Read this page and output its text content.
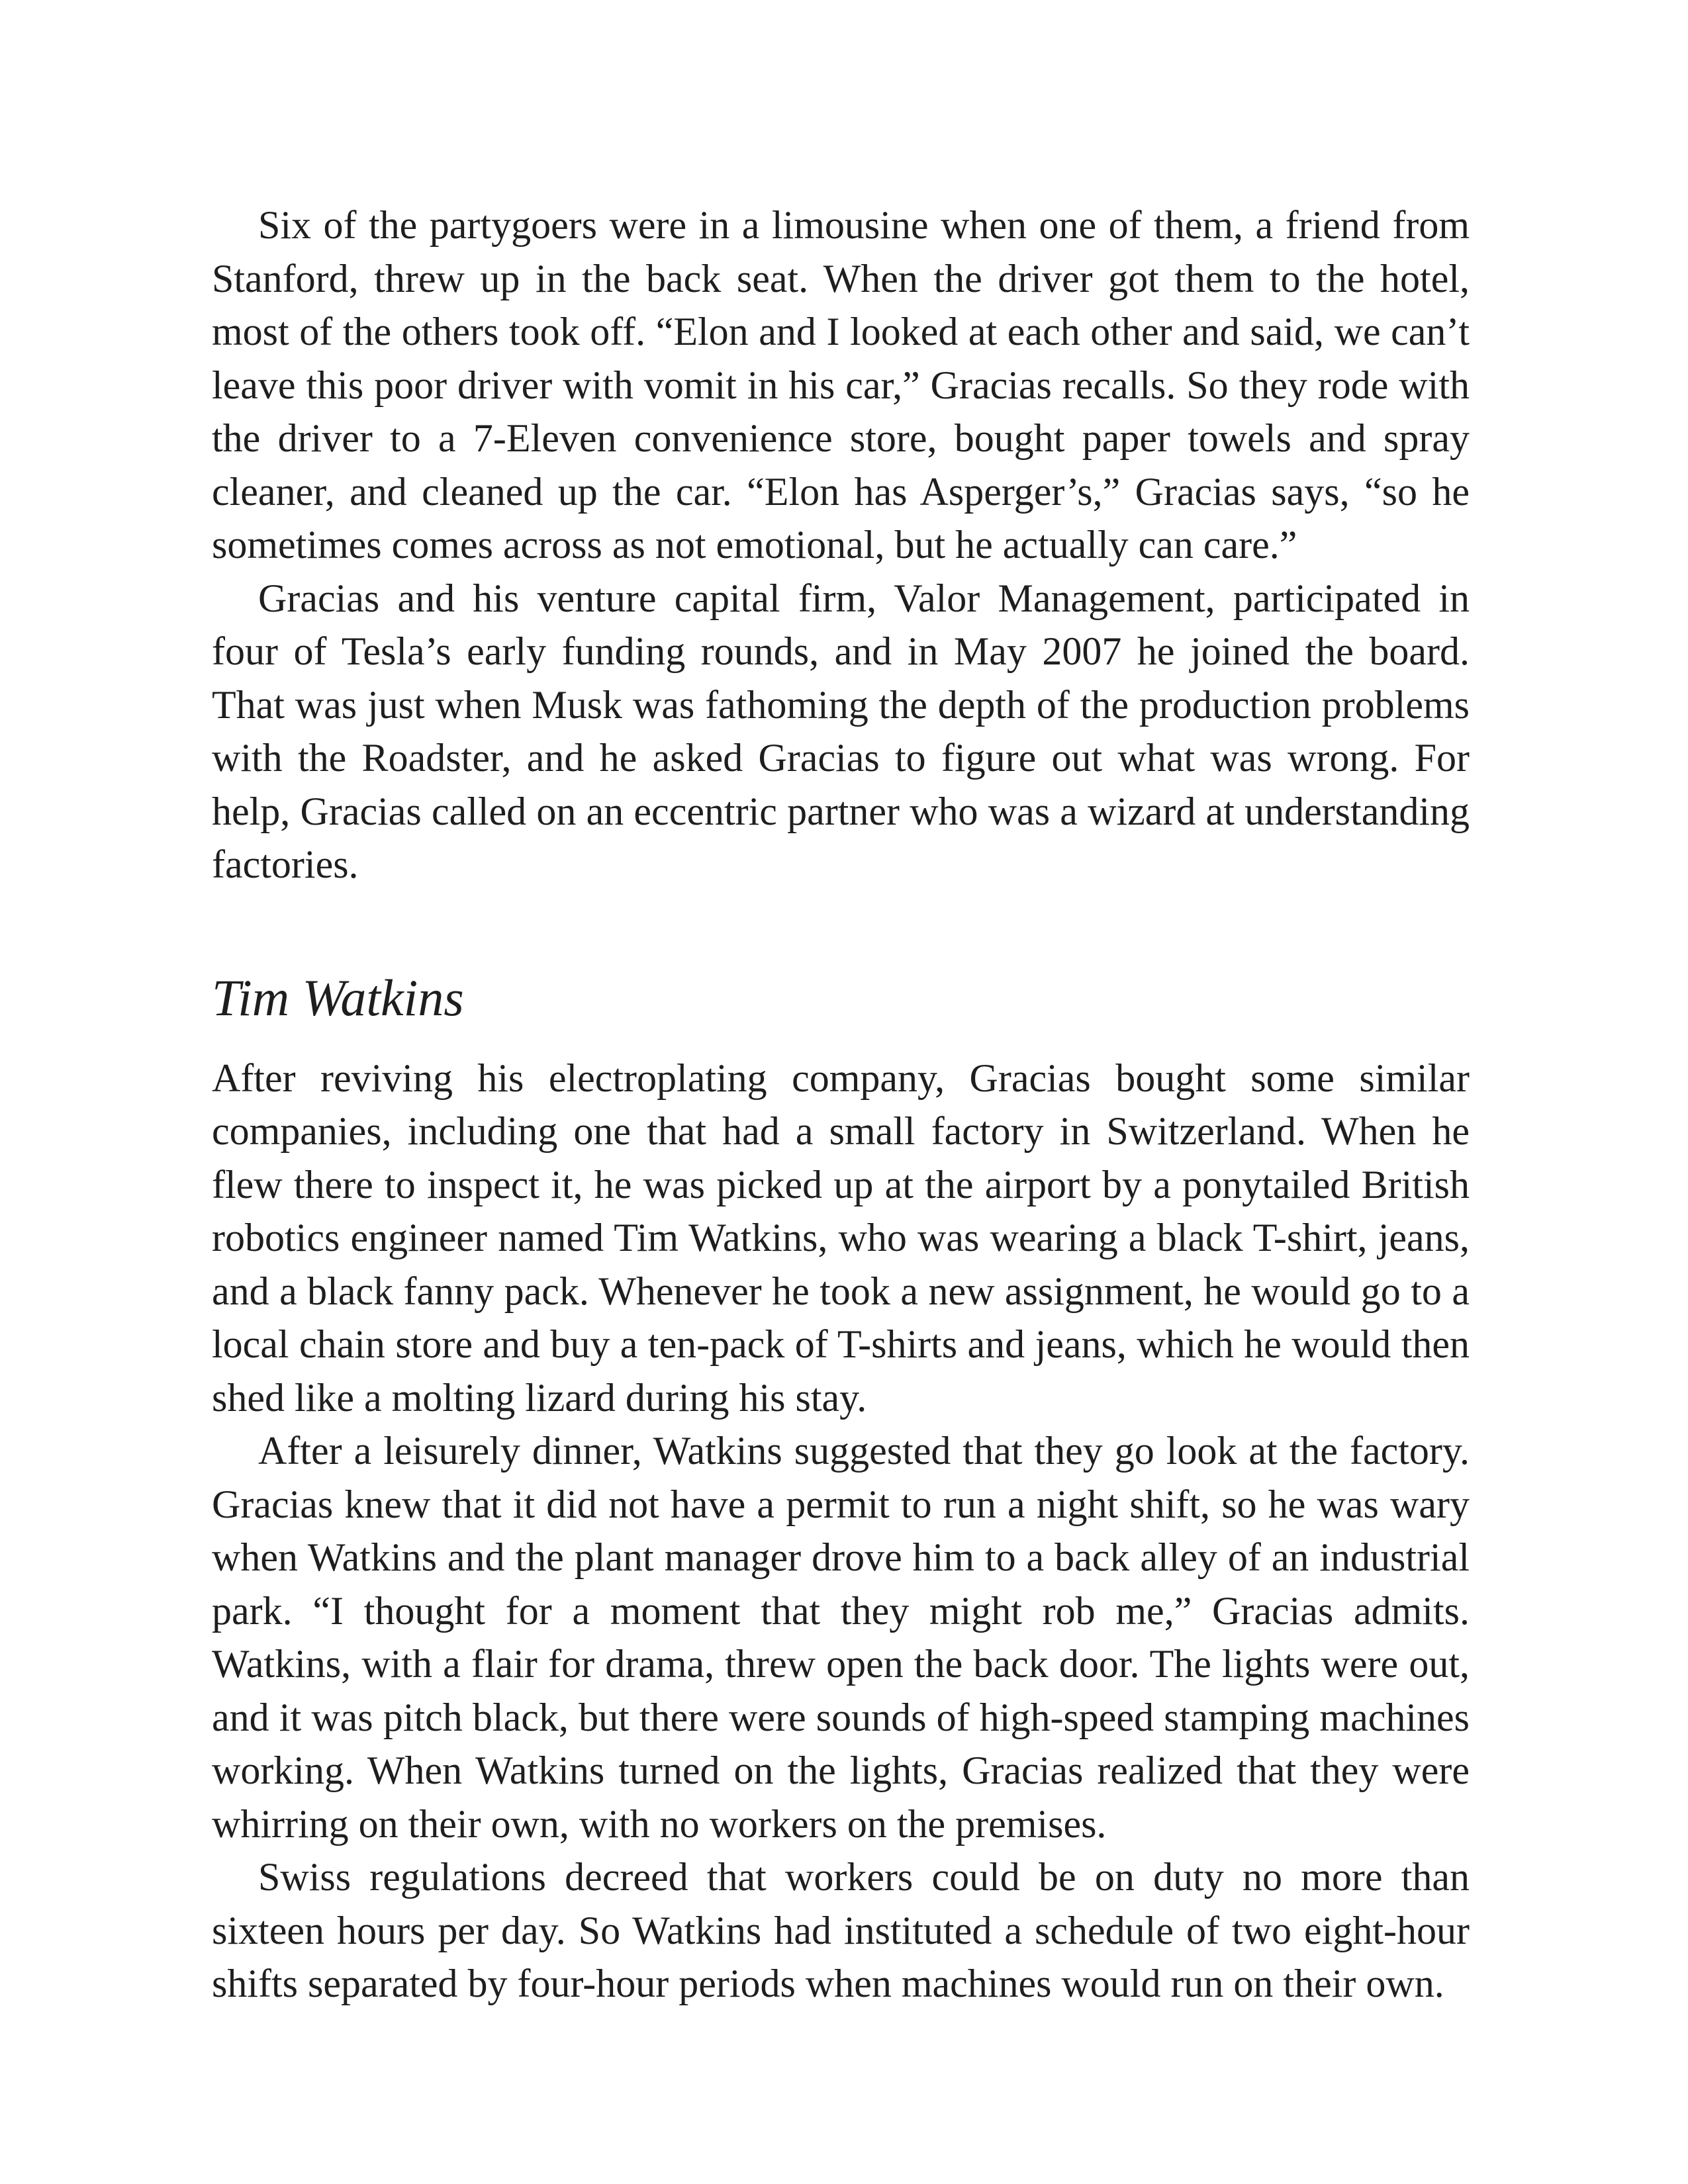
Six of the partygoers were in a limousine when one of them, a friend from Stanford, threw up in the back seat. When the driver got them to the hotel, most of the others took off. “Elon and I looked at each other and said, we can’t leave this poor driver with vomit in his car,” Gracias recalls. So they rode with the driver to a 7-Eleven convenience store, bought paper towels and spray cleaner, and cleaned up the car. “Elon has Asperger’s,” Gracias says, “so he sometimes comes across as not emotional, but he actually can care.”

Gracias and his venture capital firm, Valor Management, participated in four of Tesla’s early funding rounds, and in May 2007 he joined the board. That was just when Musk was fathoming the depth of the production problems with the Roadster, and he asked Gracias to figure out what was wrong. For help, Gracias called on an eccentric partner who was a wizard at understanding factories.

Tim Watkins

After reviving his electroplating company, Gracias bought some similar companies, including one that had a small factory in Switzerland. When he flew there to inspect it, he was picked up at the airport by a ponytailed British robotics engineer named Tim Watkins, who was wearing a black T-shirt, jeans, and a black fanny pack. Whenever he took a new assignment, he would go to a local chain store and buy a ten-pack of T-shirts and jeans, which he would then shed like a molting lizard during his stay.

After a leisurely dinner, Watkins suggested that they go look at the factory. Gracias knew that it did not have a permit to run a night shift, so he was wary when Watkins and the plant manager drove him to a back alley of an industrial park. “I thought for a moment that they might rob me,” Gracias admits. Watkins, with a flair for drama, threw open the back door. The lights were out, and it was pitch black, but there were sounds of high-speed stamping machines working. When Watkins turned on the lights, Gracias realized that they were whirring on their own, with no workers on the premises.

Swiss regulations decreed that workers could be on duty no more than sixteen hours per day. So Watkins had instituted a schedule of two eight-hour shifts separated by four-hour periods when machines would run on their own.
